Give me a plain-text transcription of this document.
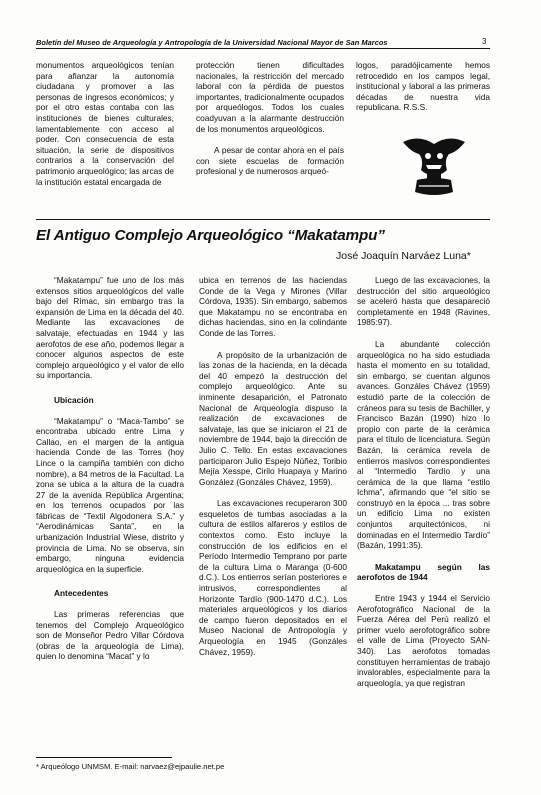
Boletín del Museo de Arqueología y Antropología de la Universidad Nacional Mayor de San Marcos	3

monumentos arqueológicos tenían para afianzar la autonomía ciudadana y promover a las personas de ingresos económicos; y por el otro estas contaba con las instituciones de bienes culturales, lamentablemente con acceso al poder. Con consecuencia de esta situación, la serie de dispositivos contrarios a la conservación del patrimonio arqueológico; las arcas de la institución estatal encargada de

protección tienen dificultades nacionales, la restricción del mercado laboral con la pérdida de puestos importantes, tradicionalmente ocupados por arqueólogos. Todos los cuales coadyuvan a la alarmante destrucción de los monumentos arqueológicos.

A pesar de contar ahora en el país con siete escuelas de formación profesional y de numerosos arqueó-

logos, paradójicamente hemos retrocedido en los campos legal, institucional y laboral a las primeras décadas de nuestra vida republicana. R.S.S.

El Antiguo Complejo Arqueológico “Makatampu”
José Joaquín Narváez Luna*

“Makatampu” fue uno de los más extensos sitios arqueológicos del valle bajo del Rímac, sin embargo tras la expansión de Lima en la década del 40. Mediante las excavaciones de salvataje, efectuadas en 1944 y las aerofotos de ese año, podemos llegar a conocer algunos aspectos de este complejo arqueológico y el valor de ello su importancia.

Ubicación

“Makatampu” o “Maca-Tambo” se encontraba ubicado entre Lima y Callao, en el margen de la antigua hacienda Conde de las Torres (hoy Lince o la campiña también con dicho nombre), a 84 metros de la Facultad. La zona se ubica a la altura de la cuadra 27 de la avenida República Argentina; en los terrenos ocupados por las fábricas de “Textil Algodonera S.A.” y “Aerodinámicas Santa”, en la urbanización Industrial Wiese, distrito y provincia de Lima. No se observa, sin embargo, ninguna evidencia arqueológica en la superficie.

Antecedentes

Las primeras referencias que tenemos del Complejo Arqueológico son de Monseñor Pedro Villar Córdova (obras de la arqueología de Lima), quien lo denomina “Macat” y lo

ubica en terrenos de las haciendas Conde de la Vega y Mirones (Villar Córdova, 1935). Sin embargo, sabemos que Makatampu no se encontraba en dichas haciendas, sino en la colindante Conde de las Torres.

A propósito de la urbanización de las zonas de la hacienda, en la década del 40 empezó la destrucción del complejo arqueológico. Ante su inminente desaparición, el Patronato Nacional de Arqueología dispuso la realización de excavaciones de salvataje, las que se iniciaron el 21 de noviembre de 1944, bajo la dirección de Julio C. Tello. En estas excavaciones participaron Julio Espejo Núñez, Toribio Mejía Xesspe, Cirilo Huapaya y Marino González (Gonzáles Chávez, 1959).

Las excavaciones recuperaron 300 esqueletos de tumbas asociadas a la cultura de estilos alfareros y estilos de contextos como. Esto incluye la construcción de los edificios en el Período Intermedio Temprano por parte de la cultura Lima o Maranga (0-600 d.C.). Los entierros serían posteriores e intrusivos, correspondientes al Horizonte Tardío (900-1470 d.C.). Los materiales arqueológicos y los diarios de campo fueron depositados en el Museo Nacional de Antropología y Arqueología en 1945 (Gonzáles Chávez, 1959).

Luego de las excavaciones, la destrucción del sitio arqueológico se aceleró hasta que desapareció completamente en 1948 (Ravines, 1985:97).

La abundante colección arqueológica no ha sido estudiada hasta el momento en su totalidad, sin embargo, se cuentan algunos avances. Gonzáles Chávez (1959) estudió parte de la colección de cráneos para su tesis de Bachiller, y Francisco Bazán (1990) hizo lo propio con parte de la cerámica para el título de licenciatura. Según Bazán, la cerámica revela de entierros masivos correspondientes al “Intermedio Tardío y una cerámica de la que llama “estilo Ichma”, afirmando que “el sitio se construyó en la época ... tras sobre un edificio Lima no existen conjuntos arquitectónicos, ni dominadas en el Intermedio Tardío” (Bazán, 1991:35).

Makatampu según las aerofotos de 1944

Entre 1943 y 1944 el Servicio Aerofotográfico Nacional de la Fuerza Aérea del Perú realizó el primer vuelo aerofotográfico sobre el valle de Lima (Proyecto SAN-340). Las aerofotos tomadas constituyen herramientas de trabajo invalorables, especialmente para la arqueología, ya que registran

* Arqueólogo UNMSM. E-mail: narvaez@ejpaulie.net.pe
